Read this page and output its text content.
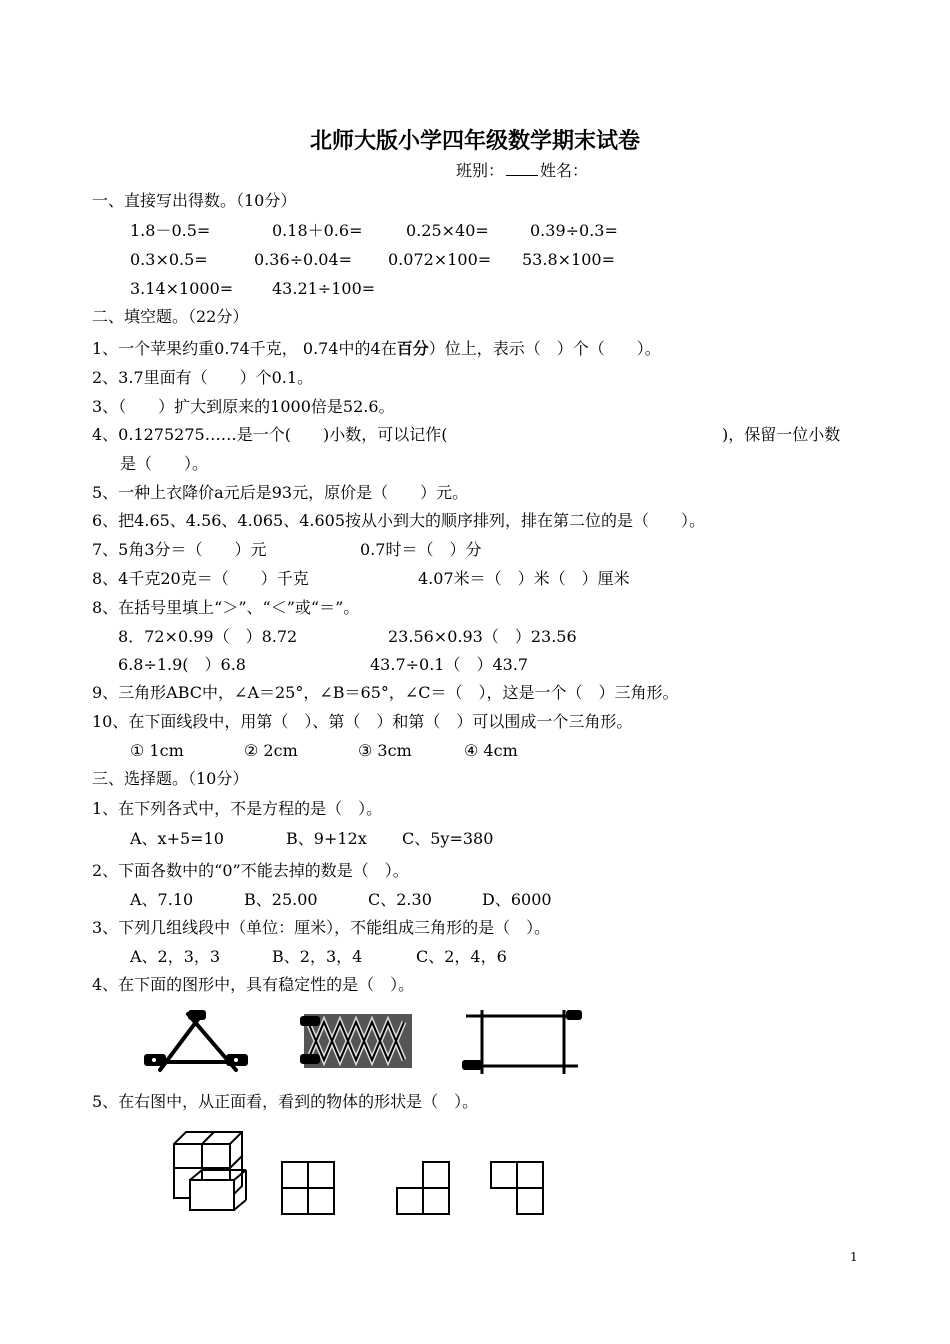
北师大版小学四年级数学期末试卷
班别： 姓名：
一、直接写出得数。（10分）
1.8－0.5=	0.18＋0.6=	0.25×40=	0.39÷0.3=
0.3×0.5=	0.36÷0.04= 0.072×100= 53.8×100=
3.14×1000= 43.21÷100=
二、填空题。（22分）
1、一个苹果约重0.74千克， 0.74中的4在百分）位上，表示（　）个（　　）。
2、3.7里面有（　　）个0.1。
3、（　　）扩大到原来的1000倍是52.6。
4、0.1275275……是一个(　　)小数，可以记作(	)，保留一位小数
是（　　）。
5、一种上衣降价a元后是93元，原价是（　　）元。
6、把4.65、4.56、4.065、4.605按从小到大的顺序排列，排在第二位的是（　　）。
7、5角3分＝（　　）元	0.7时＝（　）分
8、4千克20克＝（　　）千克	4.07米＝（　）米（　）厘米
8、在括号里填上“＞”、“＜”或“＝”。
8．72×0.99（　）8.72	23.56×0.93（　）23.56
6.8÷1.9(　）6.8	43.7÷0.1（　）43.7
9、三角形ABC中，∠A＝25°，∠B＝65°，∠C＝（　），这是一个（　）三角形。
10、在下面线段中，用第（　）、第（　）和第（　）可以围成一个三角形。
① 1cm	② 2cm	③ 3cm	④ 4cm
三、选择题。（10分）
1、在下列各式中，不是方程的是（　）。
A、x+5=10	B、9+12x C、5y=380
2、下面各数中的“0”不能去掉的数是（　）。
A、7.10	B、25.00	C、2.30	D、6000
3、下列几组线段中（单位：厘米），不能组成三角形的是（　）。
A、2，3，3	B、2，3，4	C、2，4，6
4、在下面的图形中，具有稳定性的是（　）。
5、在右图中，从正面看，看到的物体的形状是（　）。
1
